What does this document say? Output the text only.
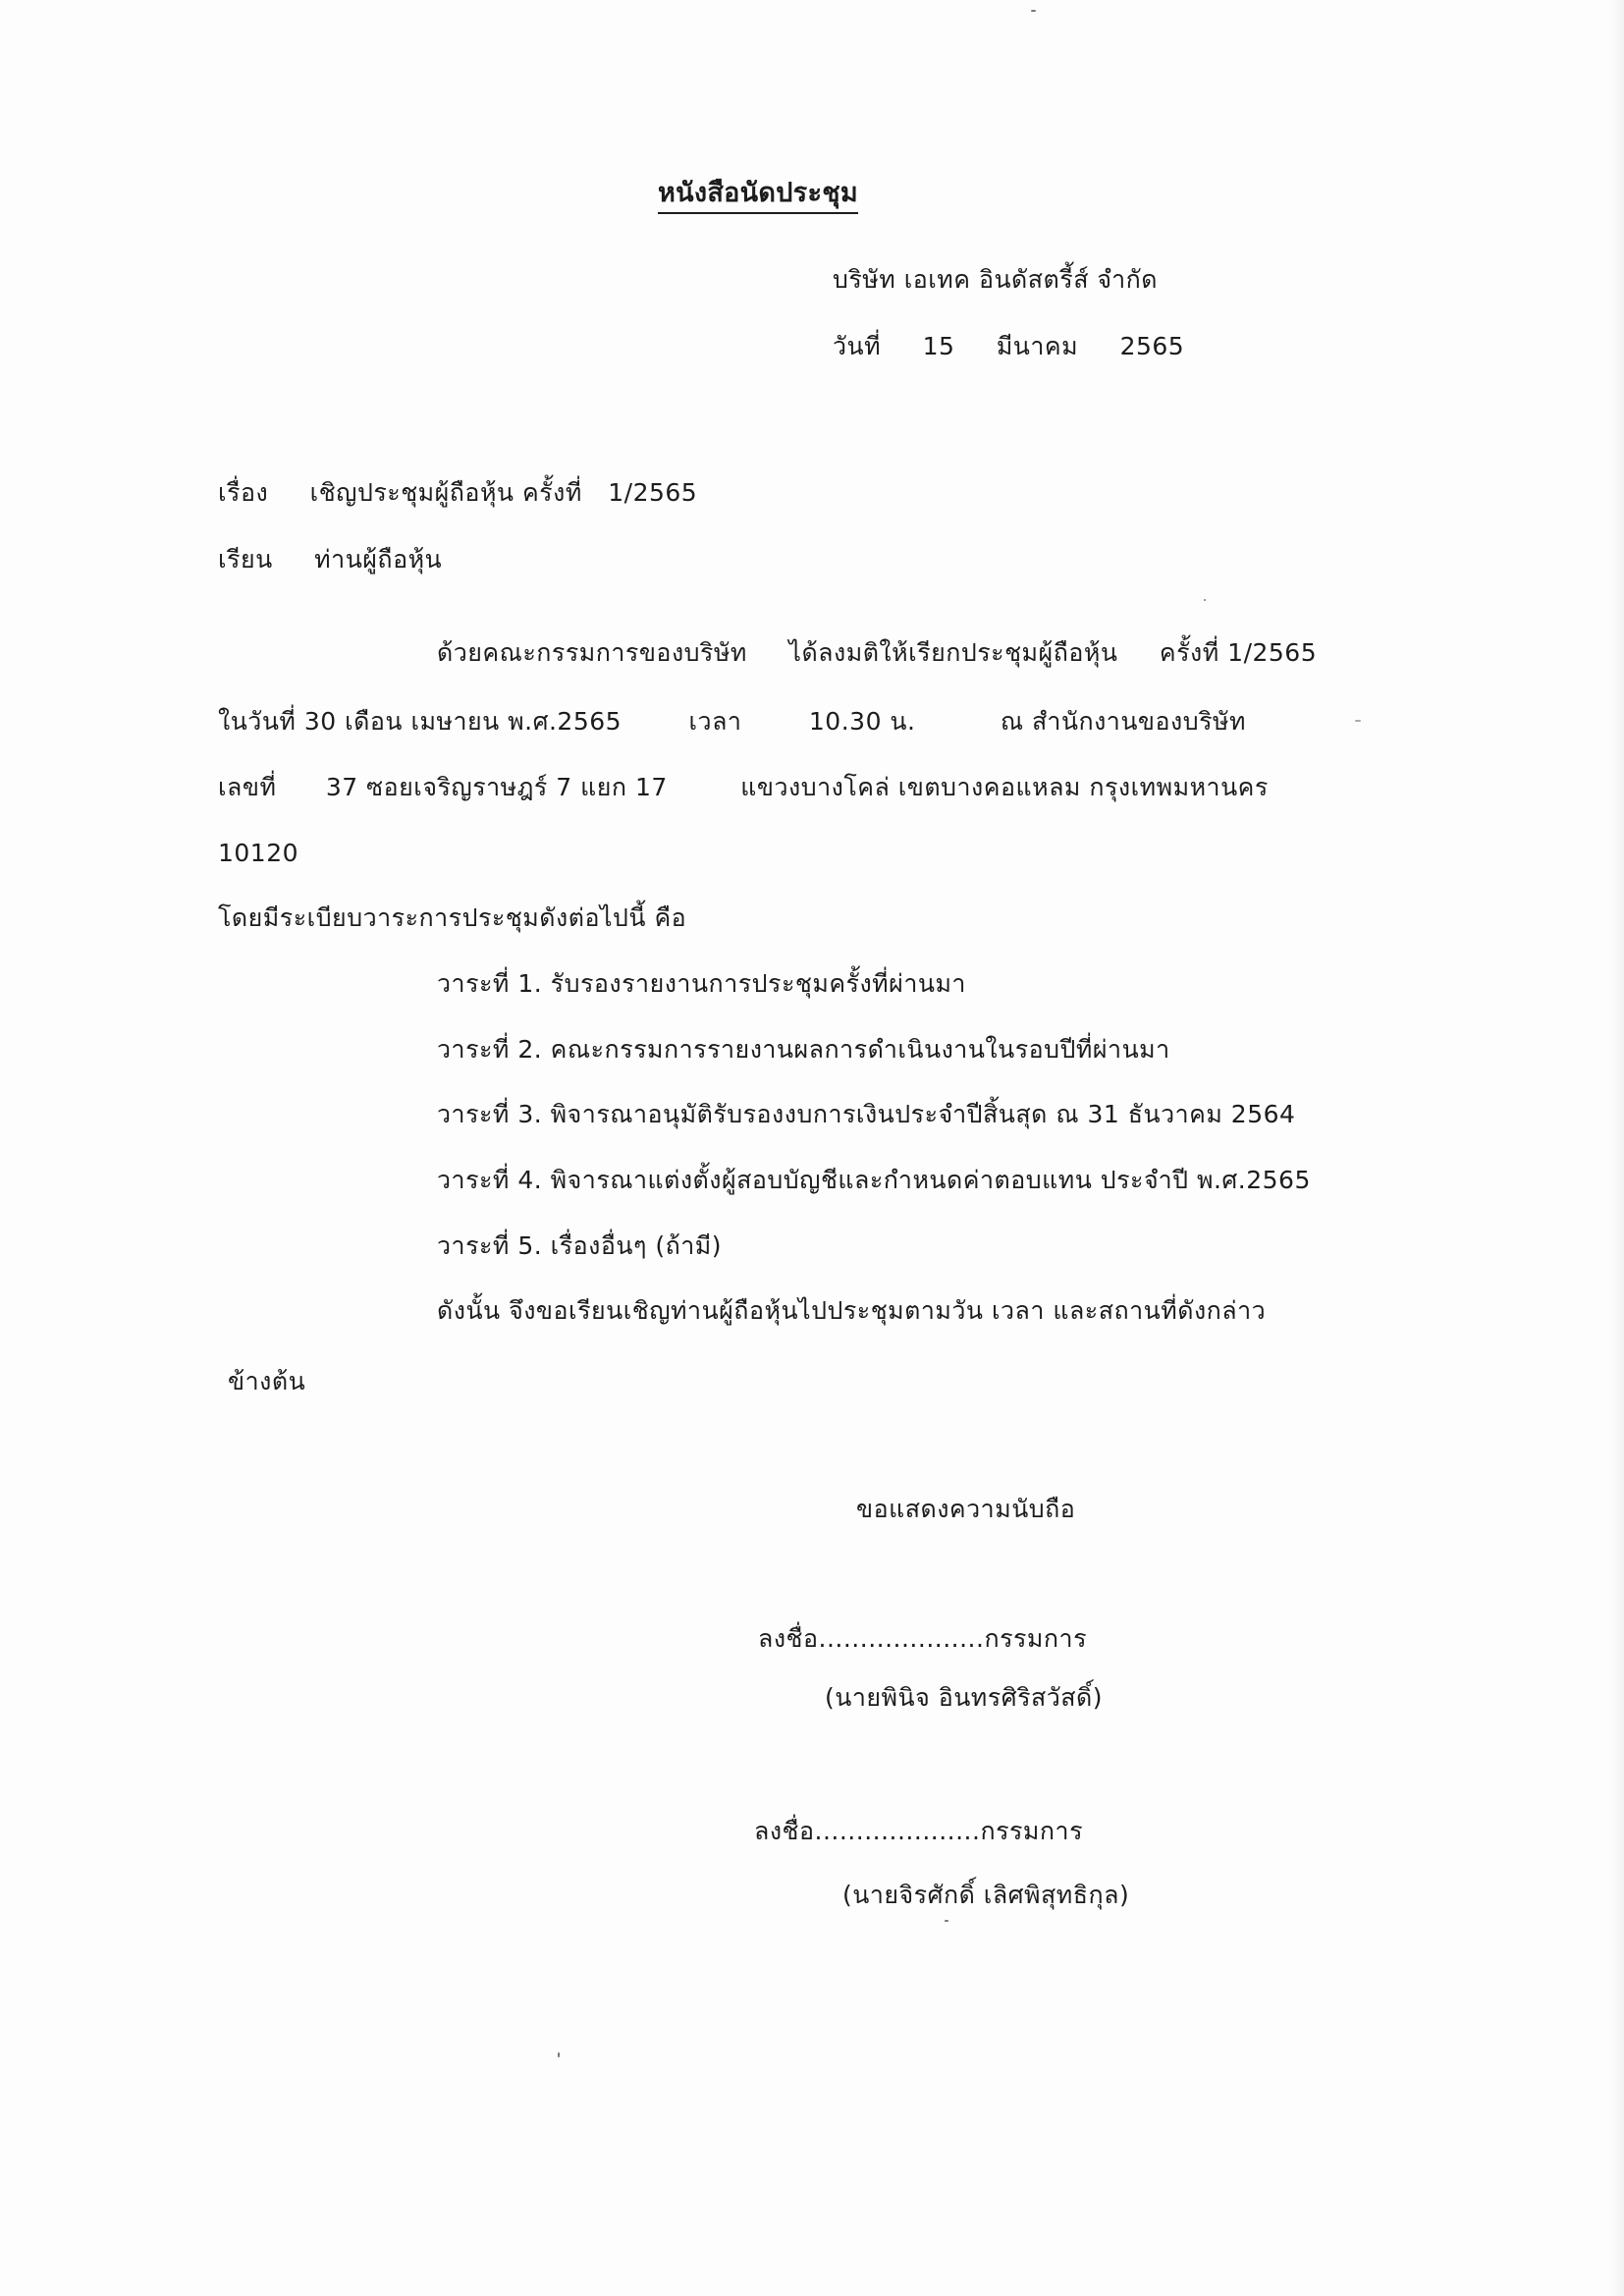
หนังสือนัดประชุม
บริษัท เอเทค อินดัสตรี้ส์ จำกัด
วันที่ 15 มีนาคม 2565
เรื่อง เชิญประชุมผู้ถือหุ้น ครั้งที่ 1/2565
เรียน ท่านผู้ถือหุ้น
ด้วยคณะกรรมการของบริษัท ได้ลงมติให้เรียกประชุมผู้ถือหุ้น ครั้งที่ 1/2565
ในวันที่ 30 เดือน เมษายน พ.ศ.2565	เวลา	10.30 น.	ณ สำนักงานของบริษัท
เลขที่ 37 ซอยเจริญราษฎร์ 7 แยก 17	แขวงบางโคล่ เขตบางคอแหลม กรุงเทพมหานคร
10120
โดยมีระเบียบวาระการประชุมดังต่อไปนี้ คือ
วาระที่ 1. รับรองรายงานการประชุมครั้งที่ผ่านมา
วาระที่ 2. คณะกรรมการรายงานผลการดำเนินงานในรอบปีที่ผ่านมา
วาระที่ 3. พิจารณาอนุมัติรับรองงบการเงินประจำปีสิ้นสุด ณ 31 ธันวาคม 2564
วาระที่ 4. พิจารณาแต่งตั้งผู้สอบบัญชีและกำหนดค่าตอบแทน ประจำปี พ.ศ.2565
วาระที่ 5. เรื่องอื่นๆ (ถ้ามี)
ดังนั้น จึงขอเรียนเชิญท่านผู้ถือหุ้นไปประชุมตามวัน เวลา และสถานที่ดังกล่าว
ข้างต้น
ขอแสดงความนับถือ
ลงชื่อ....................กรรมการ
(นายพินิจ อินทรศิริสวัสดิ์)
ลงชื่อ....................กรรมการ
(นายจิรศักดิ์ เลิศพิสุทธิกุล)
